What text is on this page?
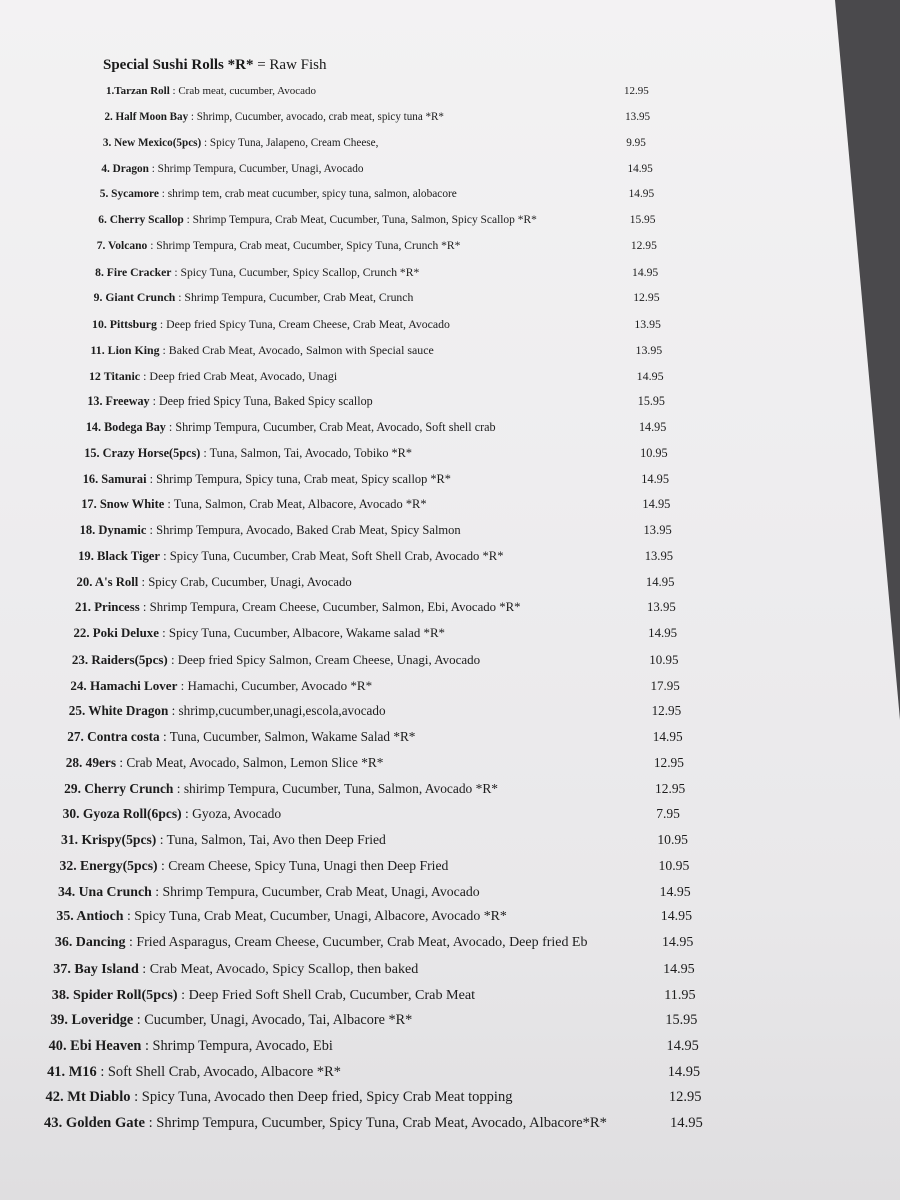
Special Sushi Rolls *R* = Raw Fish
1.Tarzan Roll : Crab meat, cucumber, Avocado	12.95
2. Half Moon Bay : Shrimp, Cucumber, avocado, crab meat, spicy tuna *R*	13.95
3. New Mexico(5pcs) : Spicy Tuna, Jalapeno, Cream Cheese,	9.95
4. Dragon : Shrimp Tempura, Cucumber, Unagi, Avocado	14.95
5. Sycamore : shrimp tem, crab meat cucumber, spicy tuna, salmon, alobacore	14.95
6. Cherry Scallop : Shrimp Tempura, Crab Meat, Cucumber, Tuna, Salmon, Spicy Scallop *R*	15.95
7. Volcano : Shrimp Tempura, Crab meat, Cucumber, Spicy Tuna, Crunch *R*	12.95
8. Fire Cracker : Spicy Tuna, Cucumber, Spicy Scallop, Crunch *R*	14.95
9. Giant Crunch : Shrimp Tempura, Cucumber, Crab Meat, Crunch	12.95
10. Pittsburg : Deep fried Spicy Tuna, Cream Cheese, Crab Meat, Avocado	13.95
11. Lion King : Baked Crab Meat, Avocado, Salmon with Special sauce	13.95
12 Titanic : Deep fried Crab Meat, Avocado, Unagi	14.95
13. Freeway : Deep fried Spicy Tuna, Baked Spicy scallop	15.95
14. Bodega Bay : Shrimp Tempura, Cucumber, Crab Meat, Avocado, Soft shell crab	14.95
15. Crazy Horse(5pcs) : Tuna, Salmon, Tai, Avocado, Tobiko *R*	10.95
16. Samurai : Shrimp Tempura, Spicy tuna, Crab meat, Spicy scallop *R*	14.95
17. Snow White : Tuna, Salmon, Crab Meat, Albacore, Avocado *R*	14.95
18. Dynamic : Shrimp Tempura, Avocado, Baked Crab Meat, Spicy Salmon	13.95
19. Black Tiger : Spicy Tuna, Cucumber, Crab Meat, Soft Shell Crab, Avocado *R*	13.95
20. A's Roll : Spicy Crab, Cucumber, Unagi, Avocado	14.95
21. Princess : Shrimp Tempura, Cream Cheese, Cucumber, Salmon, Ebi, Avocado *R*	13.95
22. Poki Deluxe : Spicy Tuna, Cucumber, Albacore, Wakame salad *R*	14.95
23. Raiders(5pcs) : Deep fried Spicy Salmon, Cream Cheese, Unagi, Avocado	10.95
24. Hamachi Lover : Hamachi, Cucumber, Avocado *R*	17.95
25. White Dragon : shrimp,cucumber,unagi,escola,avocado	12.95
27. Contra costa : Tuna, Cucumber, Salmon, Wakame Salad *R*	14.95
28. 49ers : Crab Meat, Avocado, Salmon, Lemon Slice *R*	12.95
29. Cherry Crunch : shirimp Tempura, Cucumber, Tuna, Salmon, Avocado *R*	12.95
30. Gyoza Roll(6pcs) : Gyoza, Avocado	7.95
31. Krispy(5pcs) : Tuna, Salmon, Tai, Avo then Deep Fried	10.95
32. Energy(5pcs) : Cream Cheese, Spicy Tuna, Unagi then Deep Fried	10.95
34. Una Crunch : Shrimp Tempura, Cucumber, Crab Meat, Unagi, Avocado	14.95
35. Antioch : Spicy Tuna, Crab Meat, Cucumber, Unagi, Albacore, Avocado *R*	14.95
36. Dancing : Fried Asparagus, Cream Cheese, Cucumber, Crab Meat, Avocado, Deep fried Eb	14.95
37. Bay Island : Crab Meat, Avocado, Spicy Scallop, then baked	14.95
38. Spider Roll(5pcs) : Deep Fried Soft Shell Crab, Cucumber, Crab Meat	11.95
39. Loveridge : Cucumber, Unagi, Avocado, Tai, Albacore *R*	15.95
40. Ebi Heaven : Shrimp Tempura, Avocado, Ebi	14.95
41. M16 : Soft Shell Crab, Avocado, Albacore *R*	14.95
42. Mt Diablo : Spicy Tuna, Avocado then Deep fried, Spicy Crab Meat topping	12.95
43. Golden Gate : Shrimp Tempura, Cucumber, Spicy Tuna, Crab Meat, Avocado, Albacore*R*	14.95
